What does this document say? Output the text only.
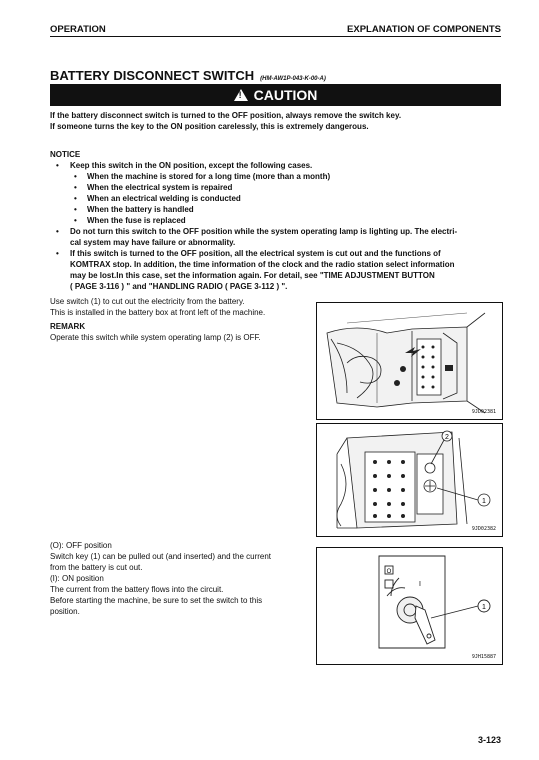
OPERATION	EXPLANATION OF COMPONENTS
BATTERY DISCONNECT SWITCH (HM-AW1P-043-K-00-A)
!CAUTION
If the battery disconnect switch is turned to the OFF position, always remove the switch key.
If someone turns the key to the ON position carelessly, this is extremely dangerous.
NOTICE
• Keep this switch in the ON position, except the following cases.
• When the machine is stored for a long time (more than a month)
• When the electrical system is repaired
• When an electrical welding is conducted
• When the battery is handled
• When the fuse is replaced
• Do not turn this switch to the OFF position while the system operating lamp is lighting up. The electri-
cal system may have failure or abnormality.
• If this switch is turned to the OFF position, all the electrical system is cut out and the functions of
KOMTRAX stop. In addition, the time information of the clock and the radio station select information
may be lost.In this case, set the information again. For detail, see "TIME ADJUSTMENT BUTTON
( PAGE 3-116 ) " and "HANDLING RADIO ( PAGE 3-112 ) ".
Use switch (1) to cut out the electricity from the battery.
This is installed in the battery box at front left of the machine.
REMARK
Operate this switch while system operating lamp (2) is OFF.
(O): OFF position
Switch key (1) can be pulled out (and inserted) and the current
from the battery is cut out.
(I): ON position
The current from the battery flows into the circuit.
Before starting the machine, be sure to set the switch to this
position.
9JD02381
2
1
9JD02382
O
I
1
9JH15887
3-123
